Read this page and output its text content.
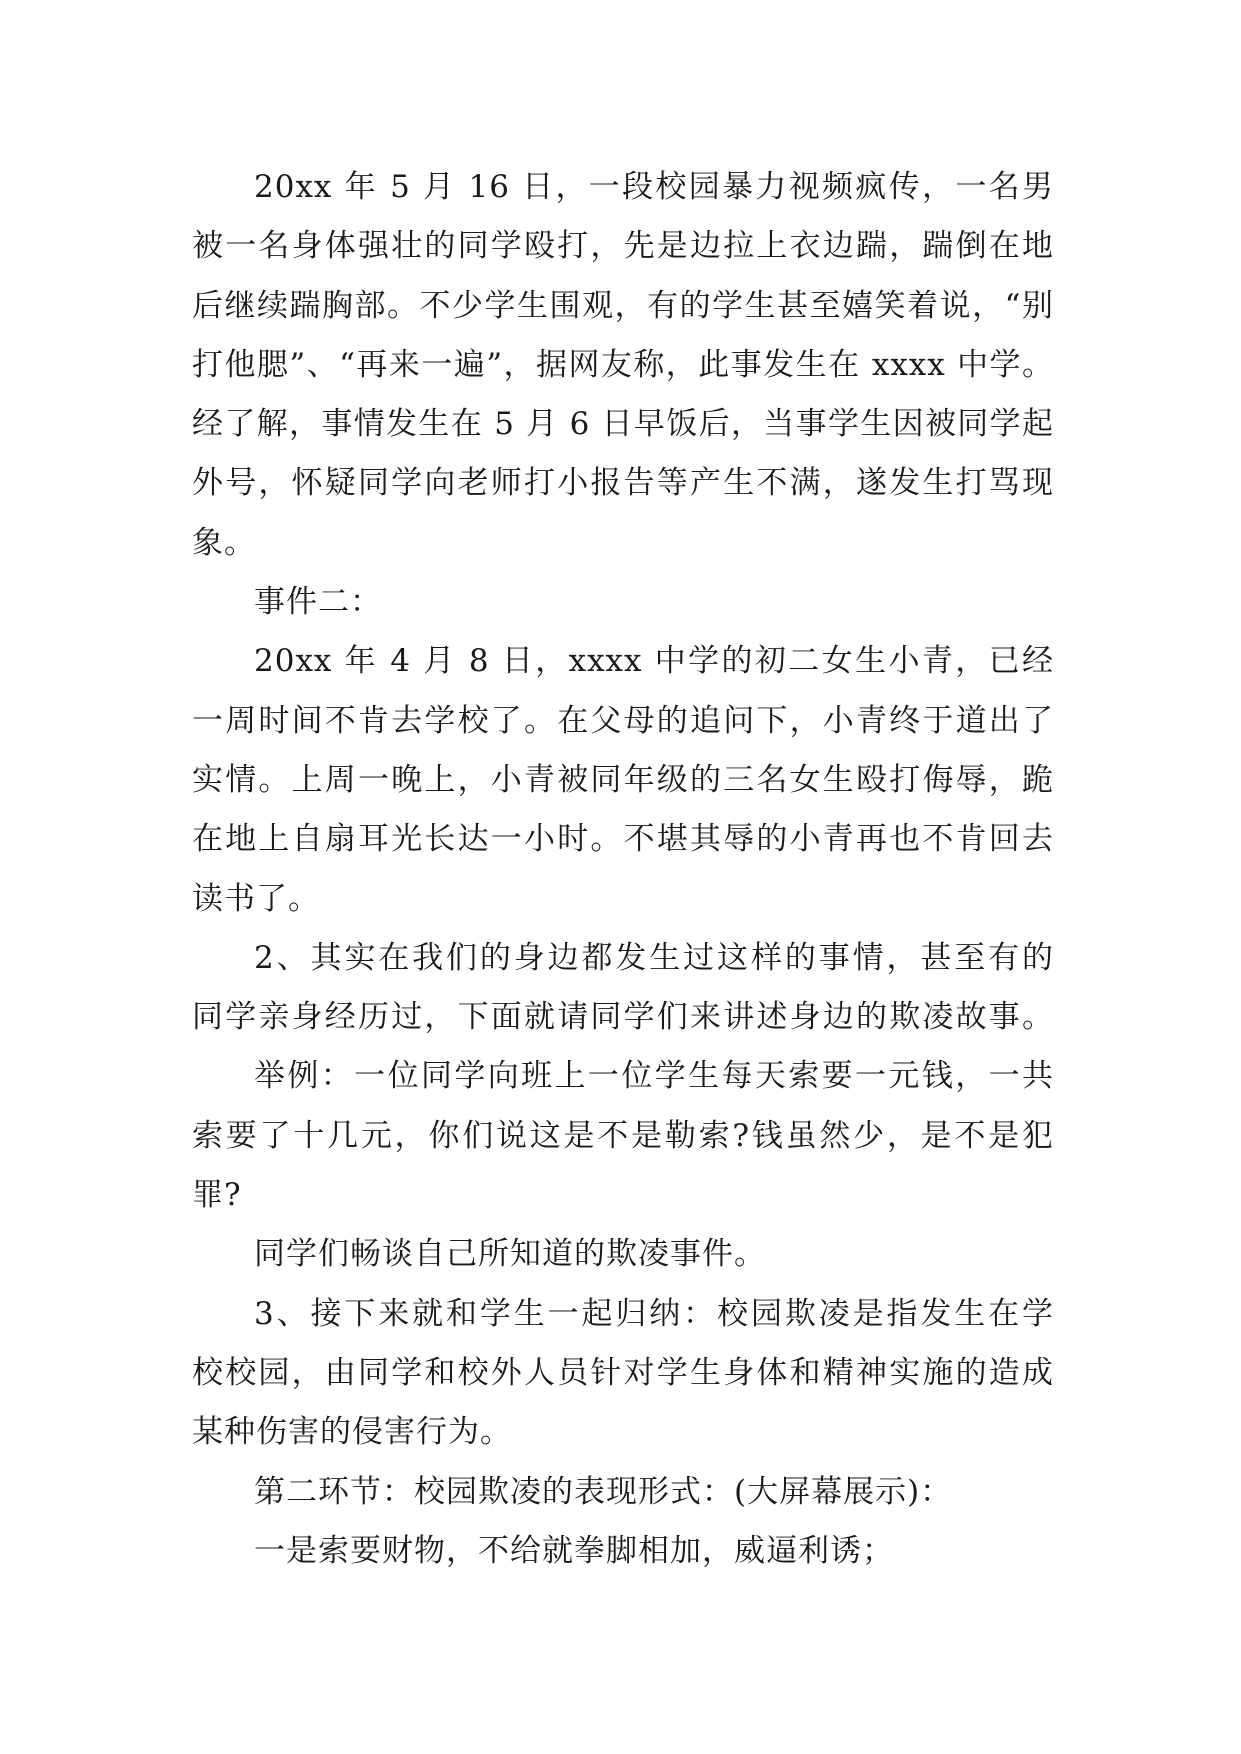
20xx 年 5 月 16 日，一段校园暴力视频疯传，一名男
被一名身体强壮的同学殴打，先是边拉上衣边踹，踹倒在地
后继续踹胸部。不少学生围观，有的学生甚至嬉笑着说，“别
打他腮”、“再来一遍”，据网友称，此事发生在 xxxx 中学。
经了解，事情发生在 5 月 6 日早饭后，当事学生因被同学起
外号，怀疑同学向老师打小报告等产生不满，遂发生打骂现
象。
事件二：
20xx 年 4 月 8 日，xxxx 中学的初二女生小青，已经
一周时间不肯去学校了。在父母的追问下，小青终于道出了
实情。上周一晚上，小青被同年级的三名女生殴打侮辱，跪
在地上自扇耳光长达一小时。不堪其辱的小青再也不肯回去
读书了。
2、其实在我们的身边都发生过这样的事情，甚至有的
同学亲身经历过，下面就请同学们来讲述身边的欺凌故事。
举例：一位同学向班上一位学生每天索要一元钱，一共
索要了十几元，你们说这是不是勒索?钱虽然少，是不是犯
罪?
同学们畅谈自己所知道的欺凌事件。
3、接下来就和学生一起归纳：校园欺凌是指发生在学
校校园，由同学和校外人员针对学生身体和精神实施的造成
某种伤害的侵害行为。
第二环节：校园欺凌的表现形式：(大屏幕展示)：
一是索要财物，不给就拳脚相加，威逼利诱；
